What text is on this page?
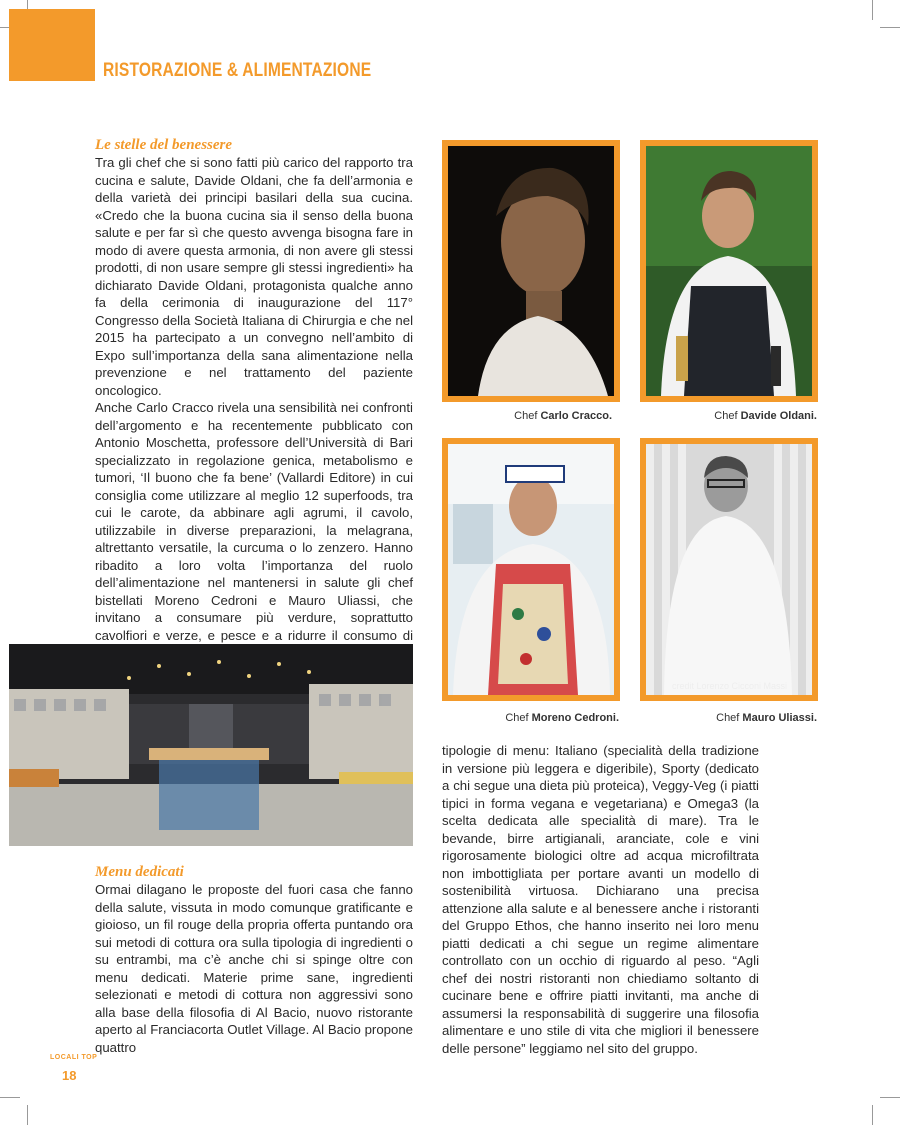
RISTORAZIONE & ALIMENTAZIONE
Le stelle del benessere

Tra gli chef che si sono fatti più carico del rapporto tra cucina e salute, Davide Oldani, che fa dell’armonia e della varietà dei principi basilari della sua cucina. «Credo che la buona cucina sia il senso della buona salute e per far sì che questo avvenga bisogna fare in modo di avere questa armonia, di non avere gli stessi prodotti, di non usare sempre gli stessi ingredienti» ha dichiarato Davide Oldani, protagonista qualche anno fa della cerimonia di inaugurazione del 117° Congresso della Società Italiana di Chirurgia e che nel 2015 ha partecipato a un convegno nell’ambito di Expo sull’importanza della sana alimentazione nella prevenzione e nel trattamento del paziente oncologico.

Anche Carlo Cracco rivela una sensibilità nei confronti dell’argomento e ha recentemente pubblicato con Antonio Moschetta, professore dell’Università di Bari specializzato in regolazione genica, metabolismo e tumori, ‘Il buono che fa bene’ (Vallardi Editore) in cui consiglia come utilizzare al meglio 12 superfoods, tra cui le carote, da abbinare agli agrumi, il cavolo, utilizzabile in diverse preparazioni, la melagrana, altrettanto versatile, la curcuma o lo zenzero. Hanno ribadito a loro volta l’importanza del ruolo dell’alimentazione nel mantenersi in salute gli chef bistellati Moreno Cedroni e Mauro Uliassi, che invitano a consumare più verdure, soprattutto cavolfiori e verze, e pesce e a ridurre il consumo di

Chef Carlo Cracco.	Chef Davide Oldani.
credit Lorenzo Cicconi Massi
Chef Moreno Cedroni.	Chef Mauro Uliassi.
Menu dedicati

Ormai dilagano le proposte del fuori casa che fanno della salute, vissuta in modo comunque gratificante e gioioso, un fil rouge della propria offerta puntando ora sui metodi di cottura ora sulla tipologia di ingredienti o su entrambi, ma c’è anche chi si spinge oltre con menu dedicati. Materie prime sane, ingredienti selezionati e metodi di cottura non aggressivi sono alla base della filosofia di Al Bacio, nuovo ristorante aperto al Franciacorta Outlet Village. Al Bacio propone quattro

tipologie di menu: Italiano (specialità della tradizione in versione più leggera e digeribile), Sporty (dedicato a chi segue una dieta più proteica), Veggy-Veg (i piatti tipici in forma vegana e vegetariana) e Omega3 (la scelta dedicata alle specialità di mare). Tra le bevande, birre artigianali, aranciate, cole e vini rigorosamente biologici oltre ad acqua microfiltrata non imbottigliata per portare avanti un modello di sostenibilità virtuosa. Dichiarano una precisa attenzione alla salute e al benessere anche i ristoranti del Gruppo Ethos, che hanno inserito nei loro menu piatti dedicati a chi segue un regime alimentare controllato con un occhio di riguardo al peso. “Agli chef dei nostri ristoranti non chiediamo soltanto di cucinare bene e offrire piatti invitanti, ma anche di assumersi la responsabilità di suggerire una filosofia alimentare e uno stile di vita che migliori il benessere delle persone” leggiamo nel sito del gruppo.

LOCALI TOP
18
